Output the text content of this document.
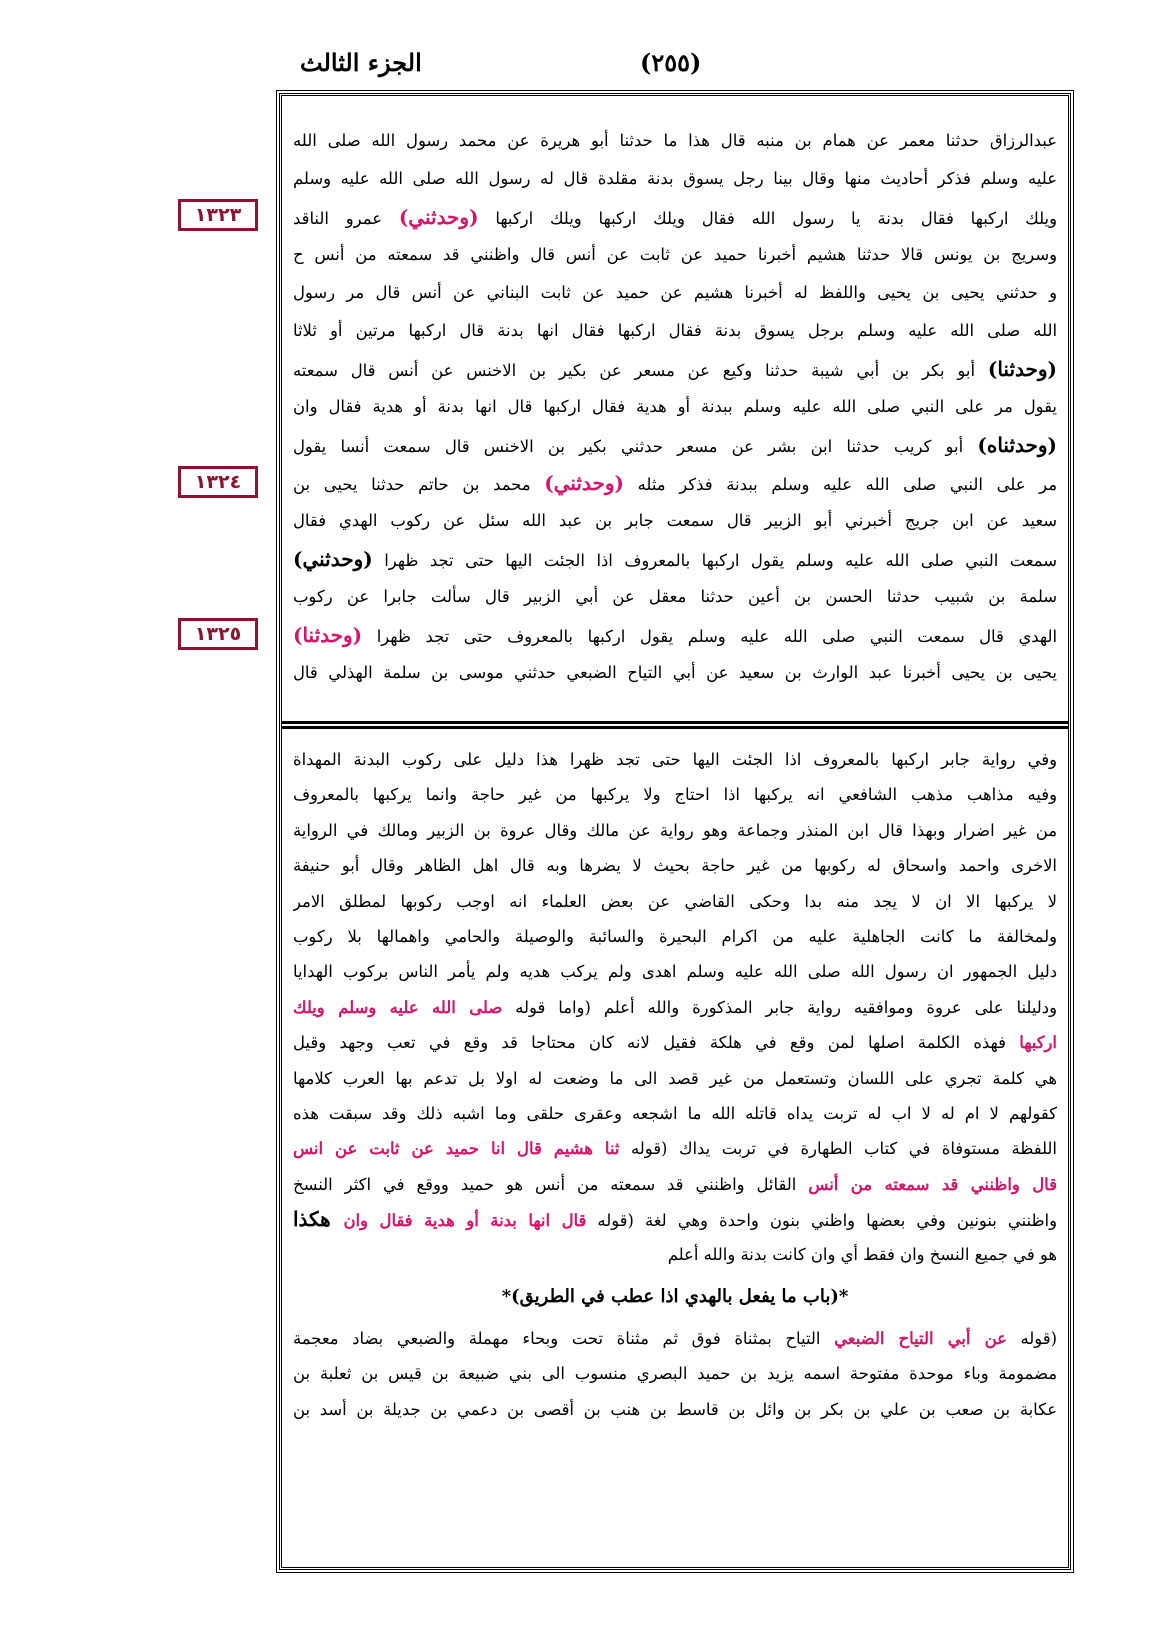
الجزء الثالث	(٢٥٥)
١٣٢٣
١٣٢٤
١٣٢٥
عبدالرزاق حدثنا معمر عن همام بن منبه قال هذا ما حدثنا أبو هريرة عن محمد رسول الله صلى الله
عليه وسلم فذكر أحاديث منها وقال بينا رجل يسوق بدنة مقلدة قال له رسول الله صلى الله عليه وسلم
ويلك اركبها فقال بدنة يا رسول الله فقال ويلك اركبها ويلك اركبها (وحدثني) عمرو الناقد
وسريج بن يونس قالا حدثنا هشيم أخبرنا حميد عن ثابت عن أنس قال واظنني قد سمعته من أنس ح
و حدثني يحيى بن يحيى واللفظ له أخبرنا هشيم عن حميد عن ثابت البناني عن أنس قال مر رسول
الله صلى الله عليه وسلم برجل يسوق بدنة فقال اركبها فقال انها بدنة قال اركبها مرتين أو ثلاثا
(وحدثنا) أبو بكر بن أبي شيبة حدثنا وكيع عن مسعر عن بكير بن الاخنس عن أنس قال سمعته
يقول مر على النبي صلى الله عليه وسلم ببدنة أو هدية فقال اركبها قال انها بدنة أو هدية فقال وان
(وحدثناه) أبو كريب حدثنا ابن بشر عن مسعر حدثني بكير بن الاخنس قال سمعت أنسا يقول
مر على النبي صلى الله عليه وسلم ببدنة فذكر مثله (وحدثني) محمد بن حاتم حدثنا يحيى بن
سعيد عن ابن جريج أخبرني أبو الزبير قال سمعت جابر بن عبد الله سئل عن ركوب الهدي فقال
سمعت النبي صلى الله عليه وسلم يقول اركبها بالمعروف اذا الجئت اليها حتى تجد ظهرا (وحدثني)
سلمة بن شبيب حدثنا الحسن بن أعين حدثنا معقل عن أبي الزبير قال سألت جابرا عن ركوب
الهدي قال سمعت النبي صلى الله عليه وسلم يقول اركبها بالمعروف حتى تجد ظهرا (وحدثنا)
يحيى بن يحيى أخبرنا عبد الوارث بن سعيد عن أبي التياح الضبعي حدثني موسى بن سلمة الهذلي قال
وفي رواية جابر اركبها بالمعروف اذا الجئت اليها حتى تجد ظهرا هذا دليل على ركوب البدنة المهداة
وفيه مذاهب مذهب الشافعي انه يركبها اذا احتاج ولا يركبها من غير حاجة وانما يركبها بالمعروف
من غير اضرار وبهذا قال ابن المنذر وجماعة وهو رواية عن مالك وقال عروة بن الزبير ومالك في الرواية
الاخرى واحمد واسحاق له ركوبها من غير حاجة بحيث لا يضرها وبه قال اهل الظاهر وقال أبو حنيفة
لا يركبها الا ان لا يجد منه بدا وحكى القاضي عن بعض العلماء انه اوجب ركوبها لمطلق الامر
ولمخالفة ما كانت الجاهلية عليه من اكرام البحيرة والسائبة والوصيلة والحامي واهمالها بلا ركوب
دليل الجمهور ان رسول الله صلى الله عليه وسلم اهدى ولم يركب هديه ولم يأمر الناس بركوب الهدايا
ودليلنا على عروة وموافقيه رواية جابر المذكورة والله أعلم (واما قوله صلى الله عليه وسلم ويلك
اركبها فهذه الكلمة اصلها لمن وقع في هلكة فقيل لانه كان محتاجا قد وقع في تعب وجهد وقيل
هي كلمة تجري على اللسان وتستعمل من غير قصد الى ما وضعت له اولا بل تدعم بها العرب كلامها
كقولهم لا ام له لا اب له تربت يداه قاتله الله ما اشجعه وعقرى حلقى وما اشبه ذلك وقد سبقت هذه
اللفظة مستوفاة في كتاب الطهارة في تربت يداك (قوله ثنا هشيم قال انا حميد عن ثابت عن انس
قال واظنني قد سمعته من أنس القائل واظنني قد سمعته من أنس هو حميد ووقع في اكثر النسخ
واظنني بنونين وفي بعضها واظني بنون واحدة وهي لغة (قوله قال انها بدنة أو هدية فقال وان هكذا
هو في جميع النسخ وان فقط أي وان كانت بدنة والله أعلم
*(باب ما يفعل بالهدي اذا عطب في الطريق)*
(قوله عن أبي التياح الضبعي التياح بمثناة فوق ثم مثناة تحت وبحاء مهملة والضبعي بضاد معجمة
مضمومة وباء موحدة مفتوحة اسمه يزيد بن حميد البصري منسوب الى بني ضبيعة بن قيس بن ثعلبة بن
عكابة بن صعب بن علي بن بكر بن وائل بن قاسط بن هنب بن أقصى بن دعمي بن جديلة بن أسد بن
